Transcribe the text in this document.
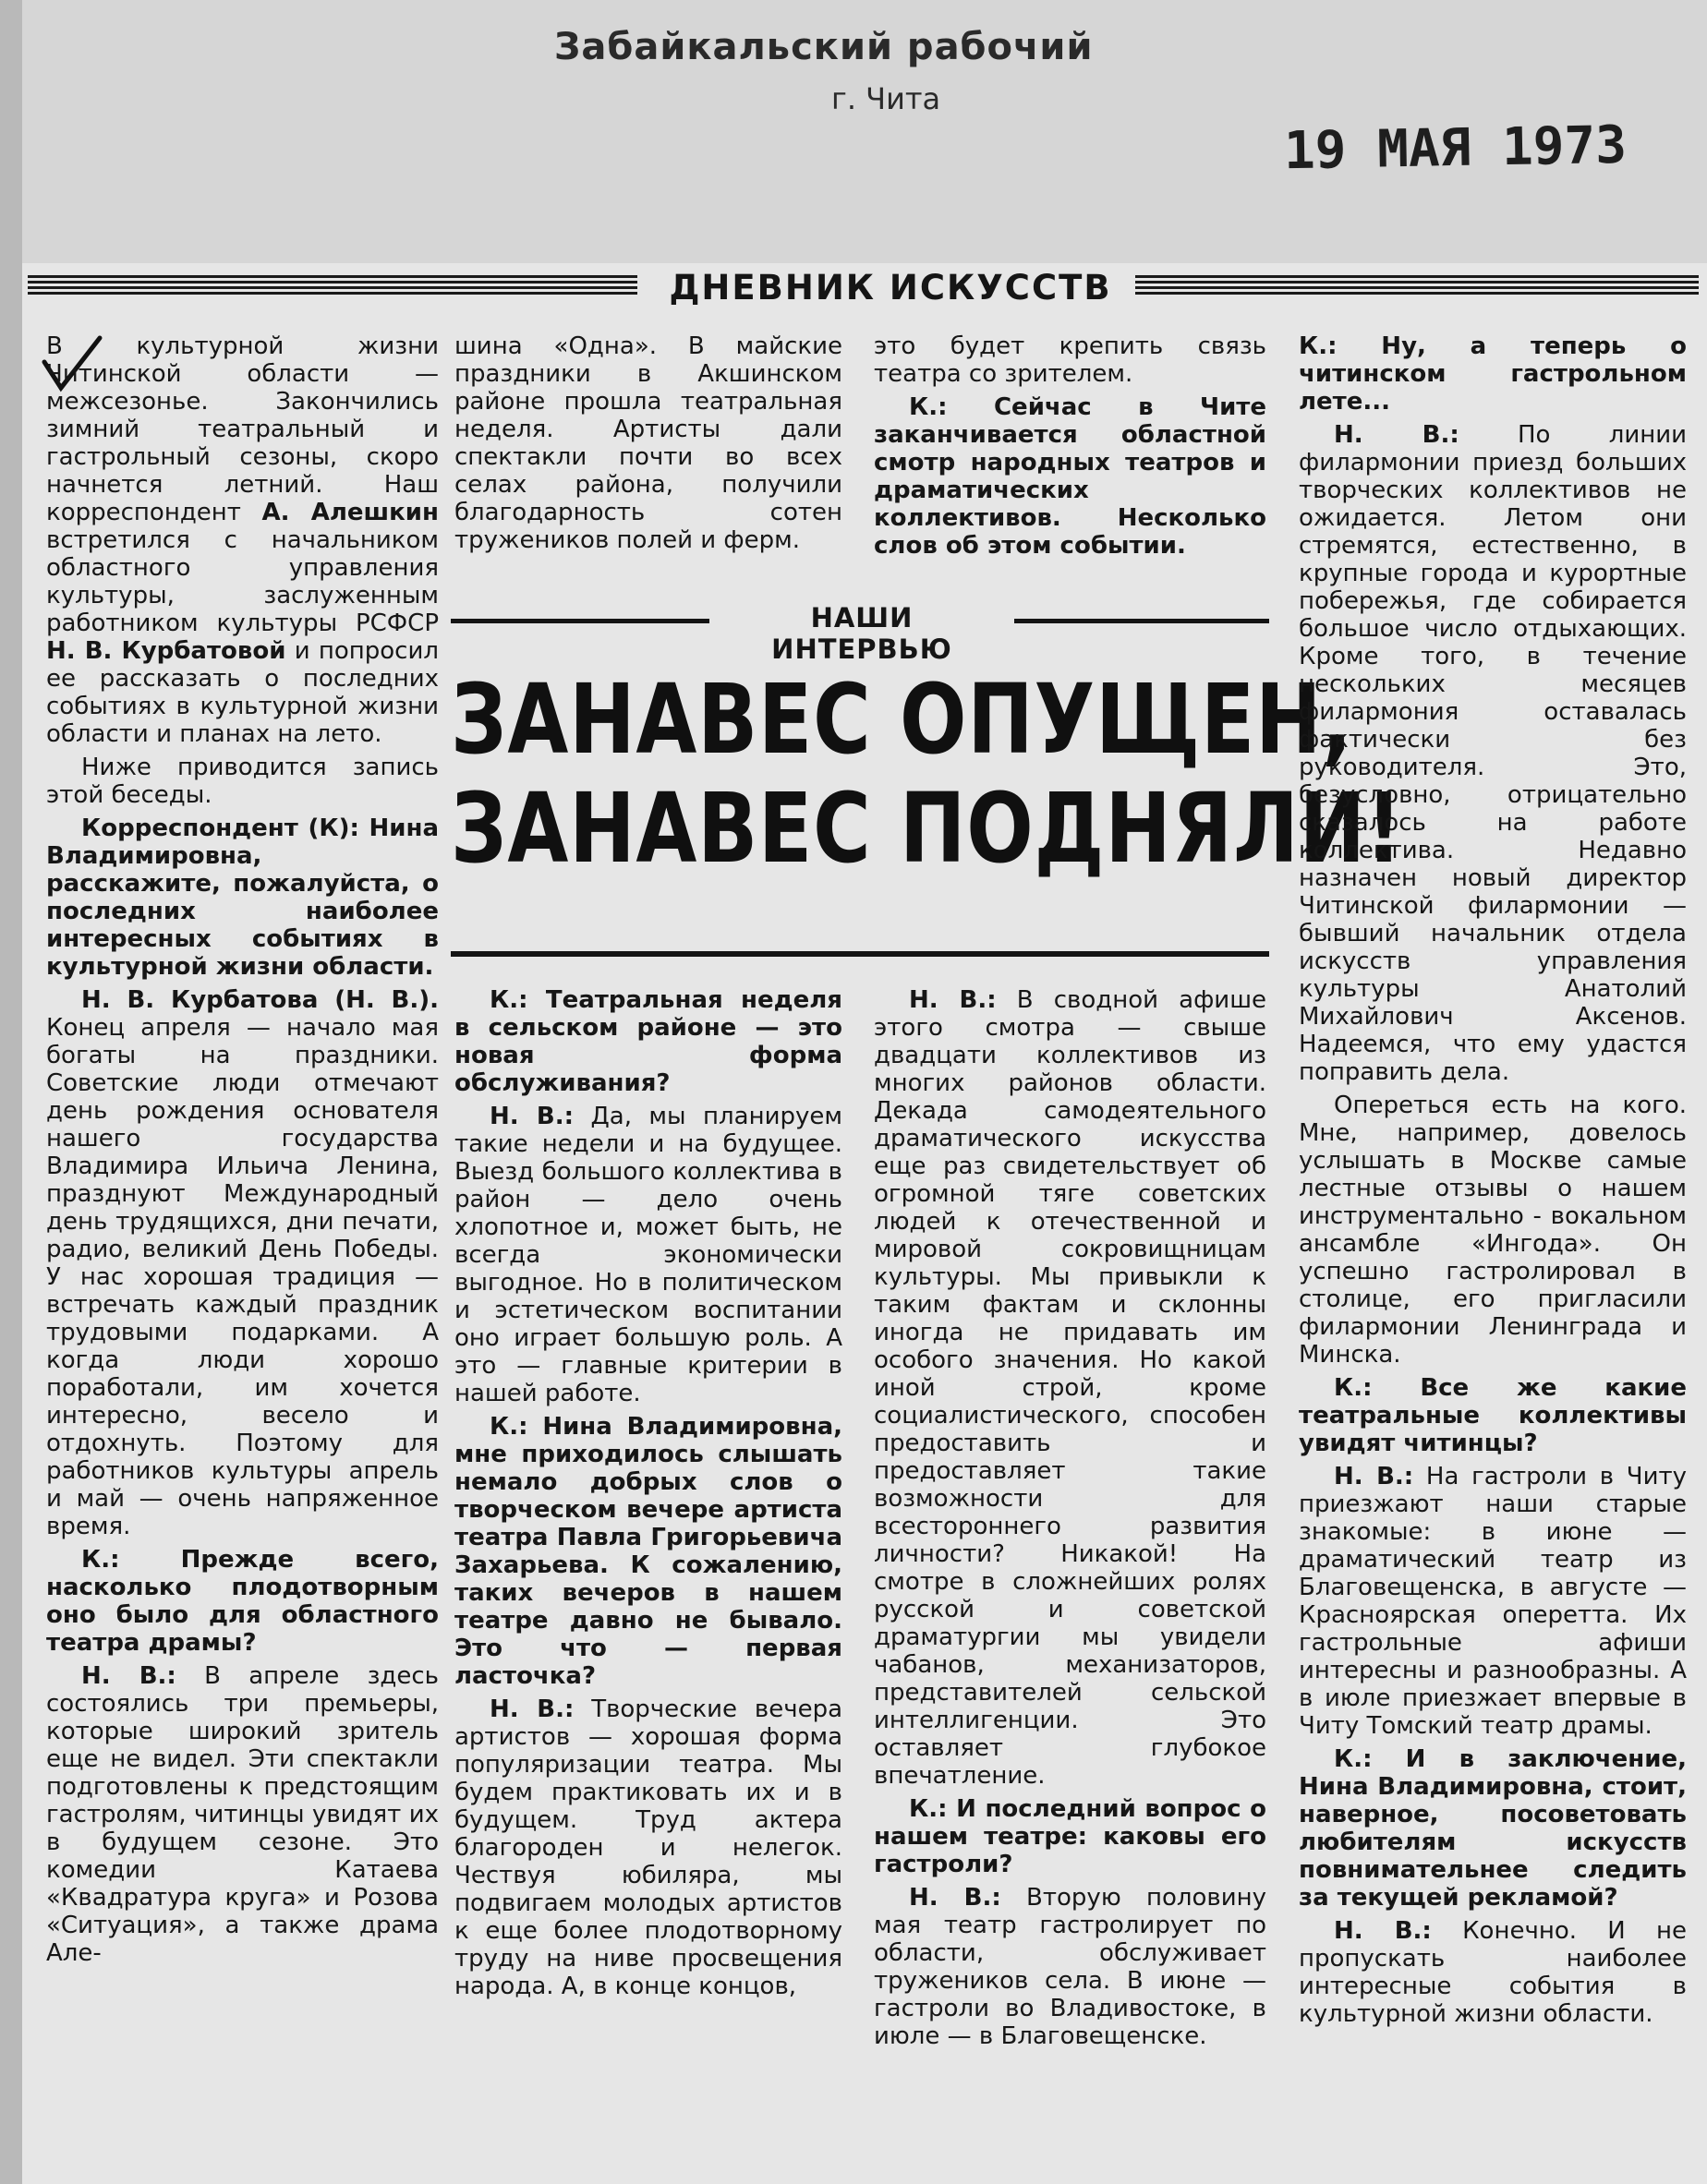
Забайкальский рабочий
г. Чита
19 МАЯ 1973
ДНЕВНИК ИСКУССТВ

В культурной жизни Читинской области — межсезонье. Закончились зимний театральный и гастрольный сезоны, скоро начнется летний. Наш корреспондент А. Алешкин встретился с начальником областного управления культуры, заслуженным работником культуры РСФСР Н. В. Курбатовой и попросил ее рассказать о последних событиях в культурной жизни области и планах на лето.

Ниже приводится запись этой беседы.

Корреспондент (К): Нина Владимировна, расскажите, пожалуйста, о последних наиболее интересных событиях в культурной жизни области.

Н. В. Курбатова (Н. В.). Конец апреля — начало мая богаты на праздники. Советские люди отмечают день рождения основателя нашего государства Владимира Ильича Ленина, празднуют Международный день трудящихся, дни печати, радио, великий День Победы. У нас хорошая традиция — встречать каждый праздник трудовыми подарками. А когда люди хорошо поработали, им хочется интересно, весело и отдохнуть. Поэтому для работников культуры апрель и май — очень напряженное время.

К.: Прежде всего, насколько плодотворным оно было для областного театра драмы?

Н. В.: В апреле здесь состоялись три премьеры, которые широкий зритель еще не видел. Эти спектакли подготовлены к предстоящим гастролям, читинцы увидят их в будущем сезоне. Это комедии Катаева «Квадратура круга» и Розова «Ситуация», а также драма Але-

шина «Одна». В майские праздники в Акшинском районе прошла театральная неделя. Артисты дали спектакли почти во всех селах района, получили благодарность сотен тружеников полей и ферм.

это будет крепить связь театра со зрителем.

К.: Сейчас в Чите заканчивается областной смотр народных театров и драматических коллективов. Несколько слов об этом событии.

НАШИ ИНТЕРВЬЮ
ЗАНАВЕС ОПУЩЕН,
ЗАНАВЕС ПОДНЯЛИ!

К.: Театральная неделя в сельском районе — это новая форма обслуживания?

Н. В.: Да, мы планируем такие недели и на будущее. Выезд большого коллектива в район — дело очень хлопотное и, может быть, не всегда экономически выгодное. Но в политическом и эстетическом воспитании оно играет большую роль. А это — главные критерии в нашей работе.

К.: Нина Владимировна, мне приходилось слышать немало добрых слов о творческом вечере артиста театра Павла Григорьевича Захарьева. К сожалению, таких вечеров в нашем театре давно не бывало. Это что — первая ласточка?

Н. В.: Творческие вечера артистов — хорошая форма популяризации театра. Мы будем практиковать их и в будущем. Труд актера благороден и нелегок. Чествуя юбиляра, мы подвигаем молодых артистов к еще более плодотворному труду на ниве просвещения народа. А, в конце концов,

Н. В.: В сводной афише этого смотра — свыше двадцати коллективов из многих районов области. Декада самодеятельного драматического искусства еще раз свидетельствует об огромной тяге советских людей к отечественной и мировой сокровищницам культуры. Мы привыкли к таким фактам и склонны иногда не придавать им особого значения. Но какой иной строй, кроме социалистического, способен предоставить и предоставляет такие возможности для всестороннего развития личности? Никакой! На смотре в сложнейших ролях русской и советской драматургии мы увидели чабанов, механизаторов, представителей сельской интеллигенции. Это оставляет глубокое впечатление.

К.: И последний вопрос о нашем театре: каковы его гастроли?

Н. В.: Вторую половину мая театр гастролирует по области, обслуживает тружеников села. В июне — гастроли во Владивостоке, в июле — в Благовещенске.

К.: Ну, а теперь о читинском гастрольном лете...

Н. В.: По линии филармонии приезд больших творческих коллективов не ожидается. Летом они стремятся, естественно, в крупные города и курортные побережья, где собирается большое число отдыхающих. Кроме того, в течение нескольких месяцев филармония оставалась фактически без руководителя. Это, безусловно, отрицательно сказалось на работе коллектива. Недавно назначен новый директор Читинской филармонии — бывший начальник отдела искусств управления культуры Анатолий Михайлович Аксенов. Надеемся, что ему удастся поправить дела.

Опереться есть на кого. Мне, например, довелось услышать в Москве самые лестные отзывы о нашем инструментально - вокальном ансамбле «Ингода». Он успешно гастролировал в столице, его пригласили филармонии Ленинграда и Минска.

К.: Все же какие театральные коллективы увидят читинцы?

Н. В.: На гастроли в Читу приезжают наши старые знакомые: в июне — драматический театр из Благовещенска, в августе — Красноярская оперетта. Их гастрольные афиши интересны и разнообразны. А в июле приезжает впервые в Читу Томский театр драмы.

К.: И в заключение, Нина Владимировна, стоит, наверное, посоветовать любителям искусств повнимательнее следить за текущей рекламой?

Н. В.: Конечно. И не пропускать наиболее интересные события в культурной жизни области.
